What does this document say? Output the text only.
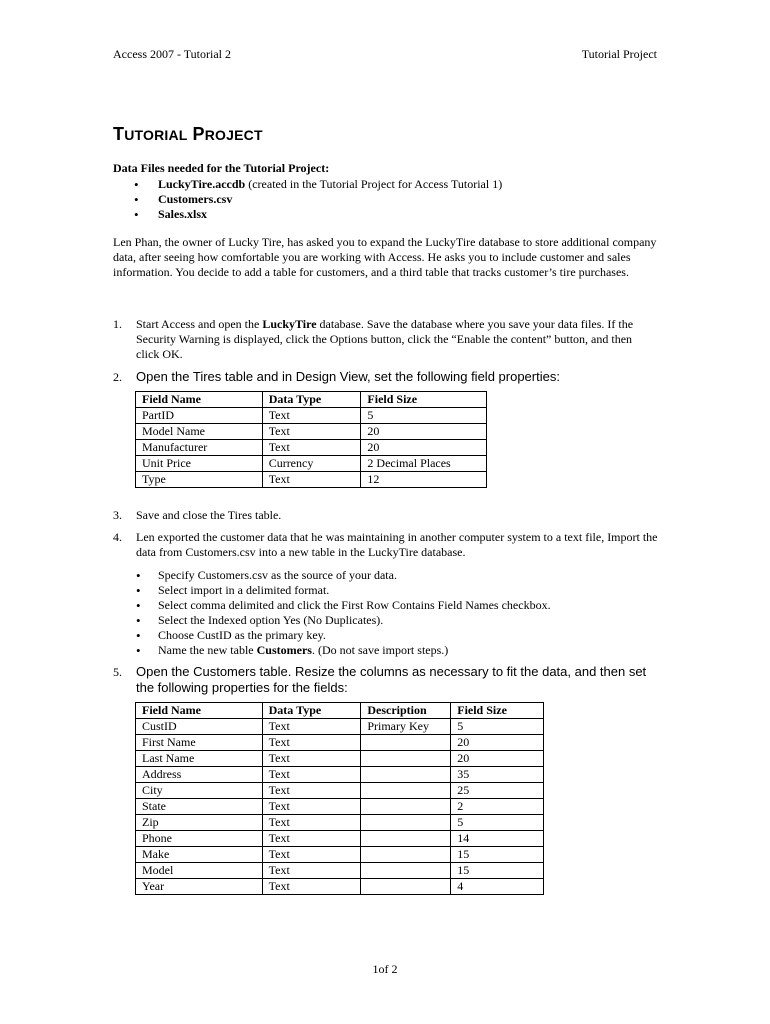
Access 2007 - Tutorial 2	Tutorial Project
TUTORIAL PROJECT
Data Files needed for the Tutorial Project:
• LuckyTire.accdb (created in the Tutorial Project for Access Tutorial 1)
• Customers.csv
• Sales.xlsx

Len Phan, the owner of Lucky Tire, has asked you to expand the LuckyTire database to store additional company data, after seeing how comfortable you are working with Access. He asks you to include customer and sales information. You decide to add a table for customers, and a third table that tracks customer’s tire purchases.

1. Start Access and open the LuckyTire database. Save the database where you save your data files. If the Security Warning is displayed, click the Options button, click the “Enable the content” button, and then click OK.
2. Open the Tires table and in Design View, set the following field properties:
Field Name	Data Type	Field Size
PartID	Text	5
Model Name	Text	20
Manufacturer	Text	20
Unit Price	Currency	2 Decimal Places
Type	Text	12
3. Save and close the Tires table.
4. Len exported the customer data that he was maintaining in another computer system to a text file, Import the data from Customers.csv into a new table in the LuckyTire database.
• Specify Customers.csv as the source of your data.
• Select import in a delimited format.
• Select comma delimited and click the First Row Contains Field Names checkbox.
• Select the Indexed option Yes (No Duplicates).
• Choose CustID as the primary key.
• Name the new table Customers. (Do not save import steps.)
5. Open the Customers table. Resize the columns as necessary to fit the data, and then set the following properties for the fields:
Field Name	Data Type	Description	Field Size
CustID	Text	Primary Key	5
First Name	Text		20
Last Name	Text		20
Address	Text		35
City	Text		25
State	Text		2
Zip	Text		5
Phone	Text		14
Make	Text		15
Model	Text		15
Year	Text		4
1of 2
